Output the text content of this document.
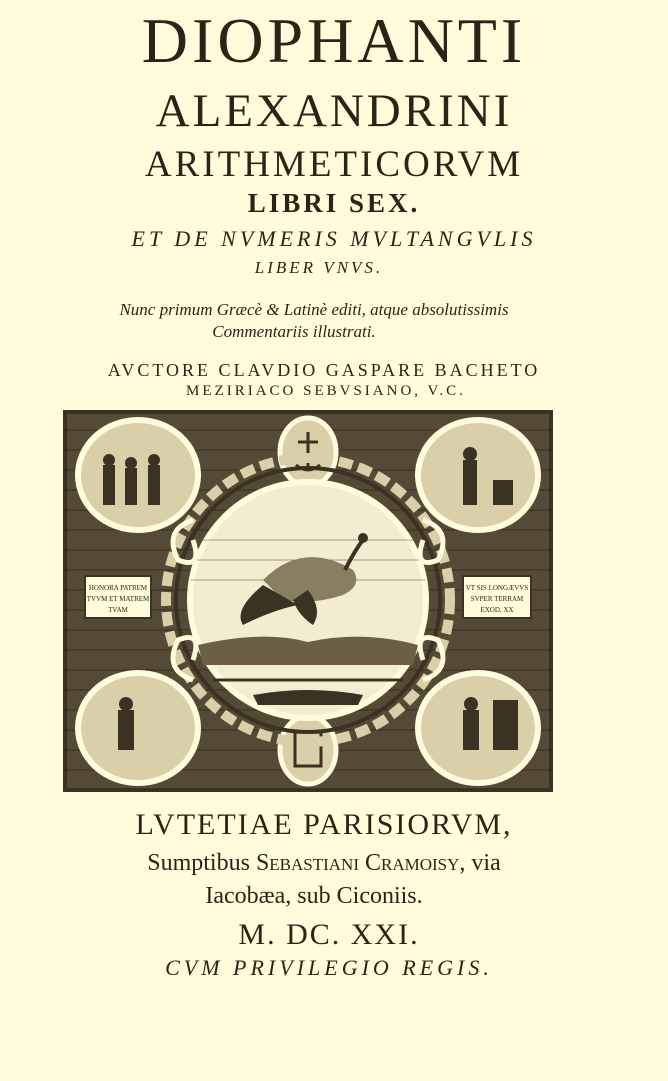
DIOPHANTI
ALEXANDRINI
ARITHMETICORVM
LIBRI SEX.
ET DE NVMERIS MVLTANGVLIS
LIBER VNVS.
Nunc primum Græcè & Latinè editi, atque absolutissimis
Commentariis illustrati.
AVCTORE CLAVDIO GASPARE BACHETO
MEZIRIACO SEBVSIANO, V.C.
HONORA PATREM
TVVM ET MATREM
TVAM
VT SIS LONGÆVVS
SVPER TERRAM
EXOD. XX
LVTETIAE PARISIORVM,
Sumptibus Sebastiani Cramoisy, via
Iacobæa, sub Ciconiis.
M. DC. XXI.
CVM PRIVILEGIO REGIS.
